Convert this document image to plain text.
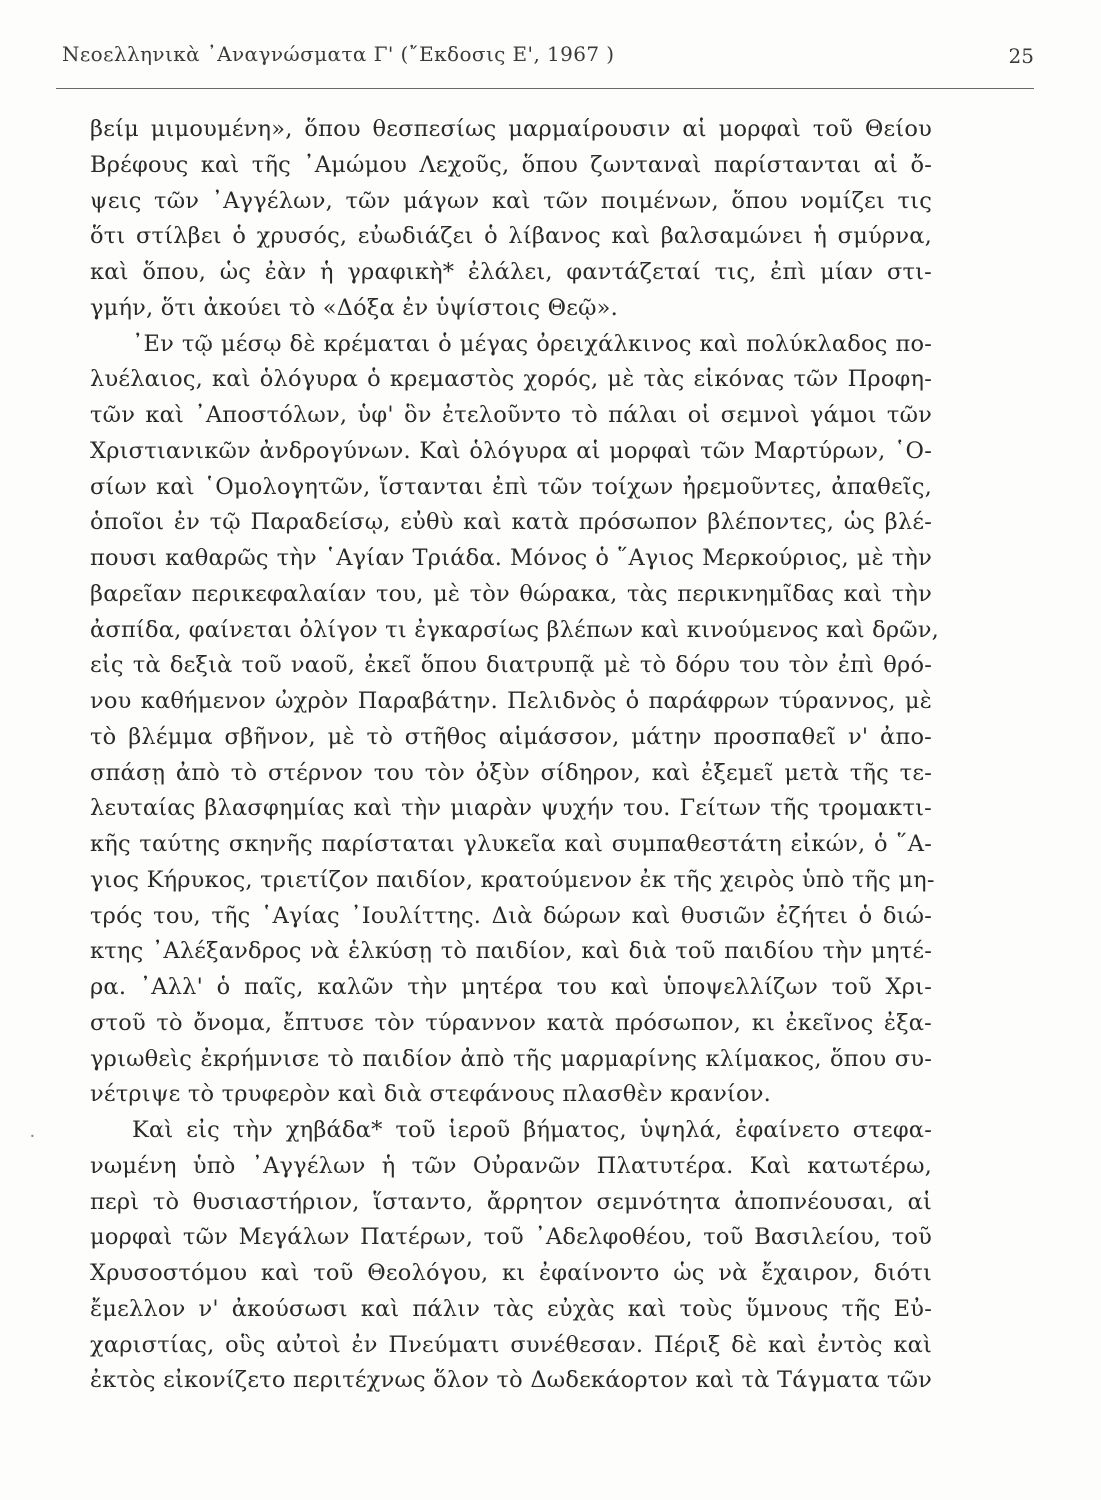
Νεοελληνικὰ ᾿Αναγνώσματα Γ' (῎Εκδοσις Ε', 1967 )	25
·
βείμ μιμουμένη», ὅπου θεσπεσίως μαρμαίρουσιν αἱ μορφαὶ τοῦ Θείου
Βρέφους καὶ τῆς ᾿Αμώμου Λεχοῦς, ὅπου ζωνταναὶ παρίστανται αἱ ὄ-
ψεις τῶν ᾿Αγγέλων, τῶν μάγων καὶ τῶν ποιμένων, ὅπου νομίζει τις
ὅτι στίλβει ὁ χρυσός, εὐωδιάζει ὁ λίβανος καὶ βαλσαμώνει ἡ σμύρνα,
καὶ ὅπου, ὡς ἐὰν ἡ γραφικὴ* ἐλάλει, φαντάζεταί τις, ἐπὶ μίαν στι-
γμήν, ὅτι ἀκούει τὸ «Δόξα ἐν ὑψίστοις Θεῷ».
᾿Εν τῷ μέσῳ δὲ κρέμαται ὁ μέγας ὀρειχάλκινος καὶ πολύκλαδος πο-
λυέλαιος, καὶ ὁλόγυρα ὁ κρεμαστὸς χορός, μὲ τὰς εἰκόνας τῶν Προφη-
τῶν καὶ ᾿Αποστόλων, ὑφ' ὃν ἐτελοῦντο τὸ πάλαι οἱ σεμνοὶ γάμοι τῶν
Χριστιανικῶν ἀνδρογύνων. Καὶ ὁλόγυρα αἱ μορφαὶ τῶν Μαρτύρων, ῾Ο-
σίων καὶ ῾Ομολογητῶν, ἵστανται ἐπὶ τῶν τοίχων ἠρεμοῦντες, ἀπαθεῖς,
ὁποῖοι ἐν τῷ Παραδείσῳ, εὐθὺ καὶ κατὰ πρόσωπον βλέποντες, ὡς βλέ-
πουσι καθαρῶς τὴν ῾Αγίαν Τριάδα. Μόνος ὁ ῞Αγιος Μερκούριος, μὲ τὴν
βαρεῖαν περικεφαλαίαν του, μὲ τὸν θώρακα, τὰς περικνημῖδας καὶ τὴν
ἀσπίδα, φαίνεται ὀλίγον τι ἐγκαρσίως βλέπων καὶ κινούμενος καὶ δρῶν,
εἰς τὰ δεξιὰ τοῦ ναοῦ, ἐκεῖ ὅπου διατρυπᾷ μὲ τὸ δόρυ του τὸν ἐπὶ θρό-
νου καθήμενον ὠχρὸν Παραβάτην. Πελιδνὸς ὁ παράφρων τύραννος, μὲ
τὸ βλέμμα σβῆνον, μὲ τὸ στῆθος αἱμάσσον, μάτην προσπαθεῖ ν' ἀπο-
σπάσῃ ἀπὸ τὸ στέρνον του τὸν ὀξὺν σίδηρον, καὶ ἐξεμεῖ μετὰ τῆς τε-
λευταίας βλασφημίας καὶ τὴν μιαρὰν ψυχήν του. Γείτων τῆς τρομακτι-
κῆς ταύτης σκηνῆς παρίσταται γλυκεῖα καὶ συμπαθεστάτη εἰκών, ὁ ῞Α-
γιος Κήρυκος, τριετίζον παιδίον, κρατούμενον ἐκ τῆς χειρὸς ὑπὸ τῆς μη-
τρός του, τῆς ῾Αγίας ᾿Ιουλίττης. Διὰ δώρων καὶ θυσιῶν ἐζήτει ὁ διώ-
κτης ᾿Αλέξανδρος νὰ ἑλκύσῃ τὸ παιδίον, καὶ διὰ τοῦ παιδίου τὴν μητέ-
ρα. ᾿Αλλ' ὁ παῖς, καλῶν τὴν μητέρα του καὶ ὑποψελλίζων τοῦ Χρι-
στοῦ τὸ ὄνομα, ἔπτυσε τὸν τύραννον κατὰ πρόσωπον, κι ἐκεῖνος ἐξα-
γριωθεὶς ἐκρήμνισε τὸ παιδίον ἀπὸ τῆς μαρμαρίνης κλίμακος, ὅπου συ-
νέτριψε τὸ τρυφερὸν καὶ διὰ στεφάνους πλασθὲν κρανίον.
Καὶ εἰς τὴν χηβάδα* τοῦ ἱεροῦ βήματος, ὑψηλά, ἐφαίνετο στεφα-
νωμένη ὑπὸ ᾿Αγγέλων ἡ τῶν Οὐρανῶν Πλατυτέρα. Καὶ κατωτέρω,
περὶ τὸ θυσιαστήριον, ἵσταντο, ἄρρητον σεμνότητα ἀποπνέουσαι, αἱ
μορφαὶ τῶν Μεγάλων Πατέρων, τοῦ ᾿Αδελφοθέου, τοῦ Βασιλείου, τοῦ
Χρυσοστόμου καὶ τοῦ Θεολόγου, κι ἐφαίνοντο ὡς νὰ ἔχαιρον, διότι
ἔμελλον ν' ἀκούσωσι καὶ πάλιν τὰς εὐχὰς καὶ τοὺς ὕμνους τῆς Εὐ-
χαριστίας, οὓς αὐτοὶ ἐν Πνεύματι συνέθεσαν. Πέριξ δὲ καὶ ἐντὸς καὶ
ἐκτὸς εἰκονίζετο περιτέχνως ὅλον τὸ Δωδεκάορτον καὶ τὰ Τάγματα τῶν
